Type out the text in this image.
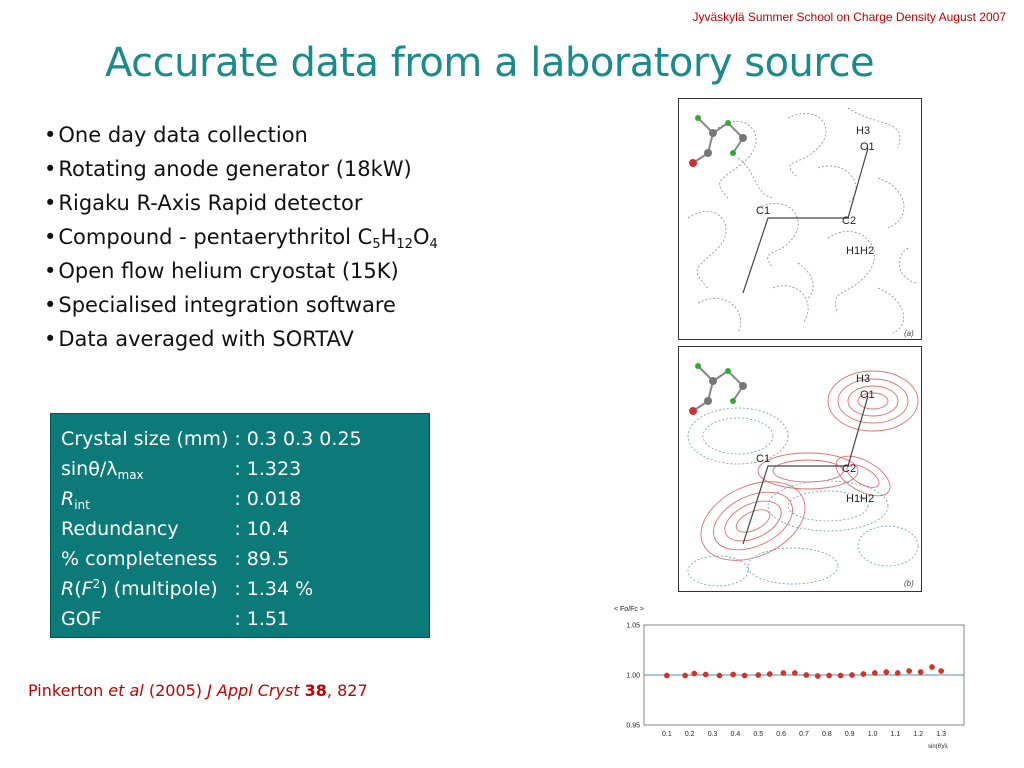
Jyväskylä Summer School on Charge Density August 2007
Accurate data from a laboratory source
• One day data collection
• Rotating anode generator (18kW)
• Rigaku R-Axis Rapid detector
• Compound - pentaerythritol $C_5H_{12}O_4$
• Open flow helium cryostat (15K)
• Specialised integration software
• Data averaged with SORTAV
Crystal size (mm)	: 0.3 0.3 0.25
sinθ/$\lambda_{max}$	: 1.323
$R_{int}$	: 0.018
Redundancy	: 10.4
% completeness	: 89.5
$R(F^2)$ (multipole)	: 1.34 %
GOF	: 1.51
Pinkerton et al (2005) J Appl Cryst 38, 827
H3
O1
C1
C2
H1 H2
(a)
H3
O1
C1
C2
H1 H2
(b)
< Fo/Fc >
1.05
1.00
0.95
0.1 0.2 0.3 0.4 0.5 0.6 0.7 0.8 0.9 1.0 1.1 1.2 1.3
sin(θ)/λ
